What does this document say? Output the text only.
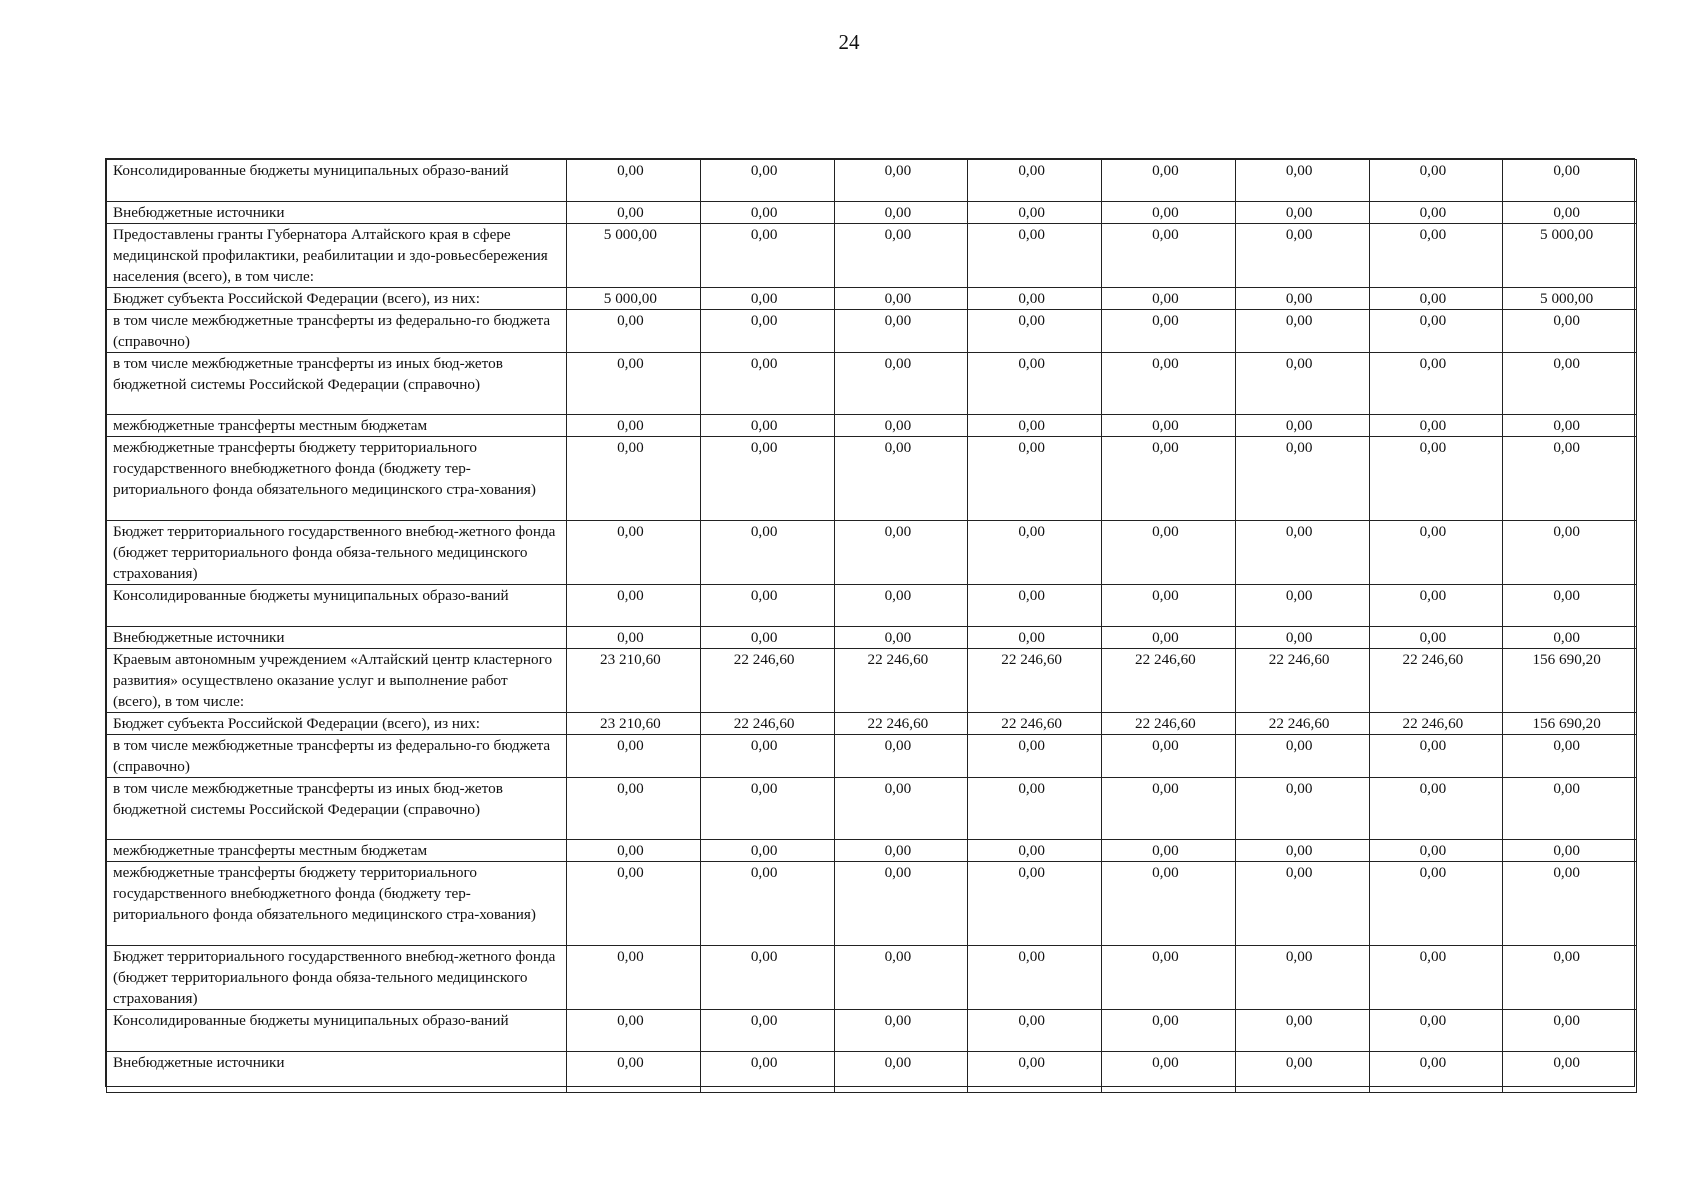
24
Консолидированные бюджеты муниципальных образо-ваний	0,00	0,00	0,00	0,00	0,00	0,00	0,00	0,00
Внебюджетные источники	0,00	0,00	0,00	0,00	0,00	0,00	0,00	0,00
Предоставлены гранты Губернатора Алтайского края в сфере медицинской профилактики, реабилитации и здо-ровьесбережения населения (всего), в том числе:	5 000,00	0,00	0,00	0,00	0,00	0,00	0,00	5 000,00
Бюджет субъекта Российской Федерации (всего), из них:	5 000,00	0,00	0,00	0,00	0,00	0,00	0,00	5 000,00
в том числе межбюджетные трансферты из федерально-го бюджета (справочно)	0,00	0,00	0,00	0,00	0,00	0,00	0,00	0,00
в том числе межбюджетные трансферты из иных бюд-жетов бюджетной системы Российской Федерации (справочно)	0,00	0,00	0,00	0,00	0,00	0,00	0,00	0,00
межбюджетные трансферты местным бюджетам	0,00	0,00	0,00	0,00	0,00	0,00	0,00	0,00
межбюджетные трансферты бюджету территориального государственного внебюджетного фонда (бюджету тер-риториального фонда обязательного медицинского стра-хования)	0,00	0,00	0,00	0,00	0,00	0,00	0,00	0,00
Бюджет территориального государственного внебюд-жетного фонда (бюджет территориального фонда обяза-тельного медицинского страхования)	0,00	0,00	0,00	0,00	0,00	0,00	0,00	0,00
Консолидированные бюджеты муниципальных образо-ваний	0,00	0,00	0,00	0,00	0,00	0,00	0,00	0,00
Внебюджетные источники	0,00	0,00	0,00	0,00	0,00	0,00	0,00	0,00
Краевым автономным учреждением «Алтайский центр кластерного развития» осуществлено оказание услуг и выполнение работ (всего), в том числе:	23 210,60	22 246,60	22 246,60	22 246,60	22 246,60	22 246,60	22 246,60	156 690,20
Бюджет субъекта Российской Федерации (всего), из них:	23 210,60	22 246,60	22 246,60	22 246,60	22 246,60	22 246,60	22 246,60	156 690,20
в том числе межбюджетные трансферты из федерально-го бюджета (справочно)	0,00	0,00	0,00	0,00	0,00	0,00	0,00	0,00
в том числе межбюджетные трансферты из иных бюд-жетов бюджетной системы Российской Федерации (справочно)	0,00	0,00	0,00	0,00	0,00	0,00	0,00	0,00
межбюджетные трансферты местным бюджетам	0,00	0,00	0,00	0,00	0,00	0,00	0,00	0,00
межбюджетные трансферты бюджету территориального государственного внебюджетного фонда (бюджету тер-риториального фонда обязательного медицинского стра-хования)	0,00	0,00	0,00	0,00	0,00	0,00	0,00	0,00
Бюджет территориального государственного внебюд-жетного фонда (бюджет территориального фонда обяза-тельного медицинского страхования)	0,00	0,00	0,00	0,00	0,00	0,00	0,00	0,00
Консолидированные бюджеты муниципальных образо-ваний	0,00	0,00	0,00	0,00	0,00	0,00	0,00	0,00
Внебюджетные источники	0,00	0,00	0,00	0,00	0,00	0,00	0,00	0,00
